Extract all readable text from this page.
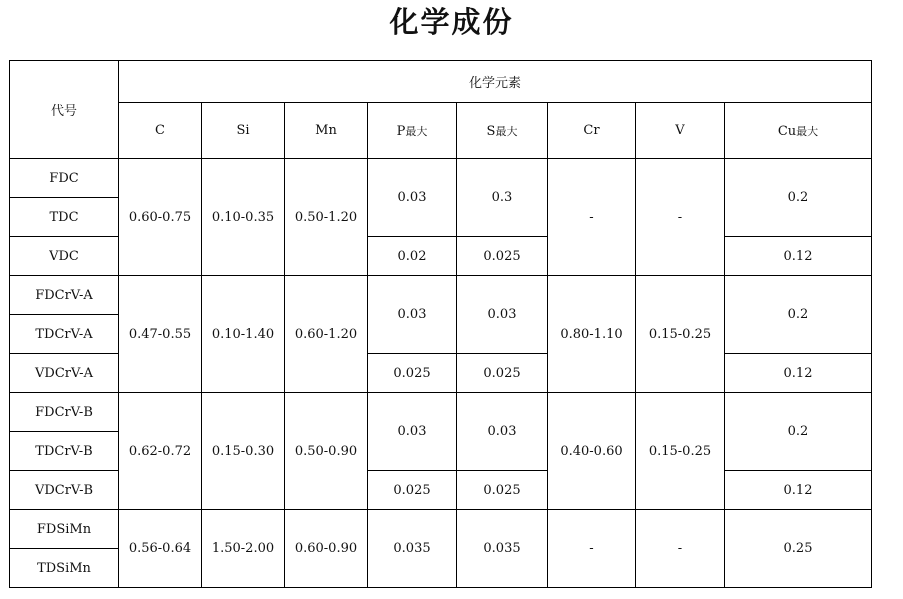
化学成份
代号	化学元素							
	C	Si	Mn	P最大	S最大	Cr	V	Cu最大
FDC	0.60-0.75	0.10-0.35	0.50-1.20	0.03	0.3	-	-	0.2
TDC								
VDC				0.02	0.025			0.12
FDCrV-A	0.47-0.55	0.10-1.40	0.60-1.20	0.03	0.03	0.80-1.10	0.15-0.25	0.2
TDCrV-A								
VDCrV-A				0.025	0.025			0.12
FDCrV-B	0.62-0.72	0.15-0.30	0.50-0.90	0.03	0.03	0.40-0.60	0.15-0.25	0.2
TDCrV-B								
VDCrV-B				0.025	0.025			0.12
FDSiMn	0.56-0.64	1.50-2.00	0.60-0.90	0.035	0.035	-	-	0.25
TDSiMn								
